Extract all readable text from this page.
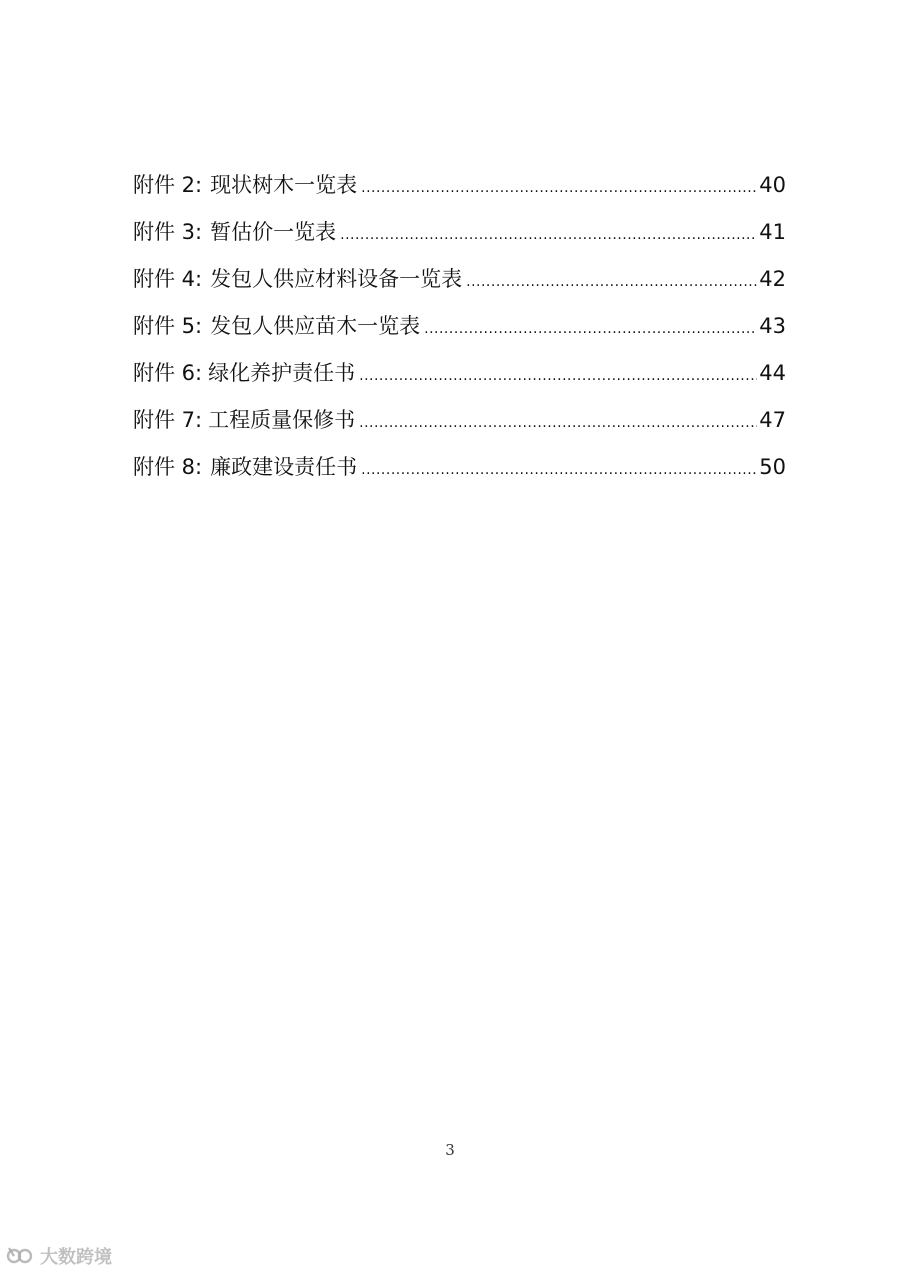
附件 2: 现状树木一览表 .....	40
附件 3: 暂估价一览表 .....	41
附件 4: 发包人供应材料设备一览表 .....	42
附件 5: 发包人供应苗木一览表 .....	43
附件 6: 绿化养护责任书 .....	44
附件 7: 工程质量保修书 .....	47
附件 8: 廉政建设责任书 .....	50
3
大数跨境
